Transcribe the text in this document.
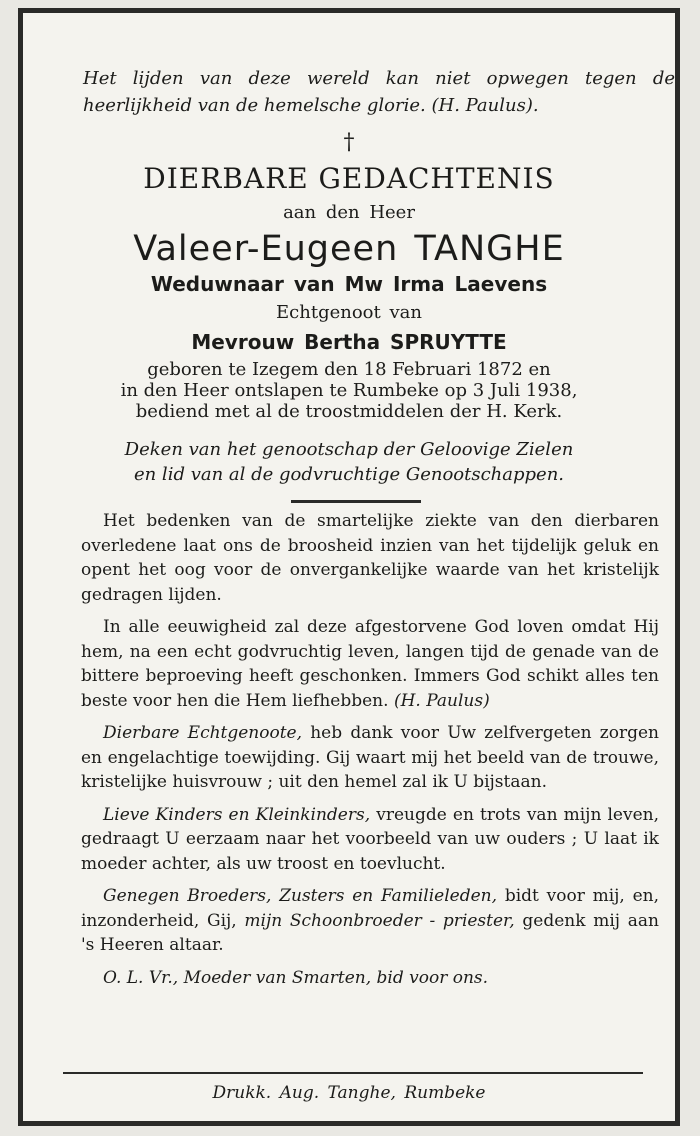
Het lijden van deze wereld kan niet opwegen tegen de heerlijkheid van de hemelsche glorie. (H. Paulus).
†
DIERBARE GEDACHTENIS
aan den Heer
Valeer-Eugeen TANGHE
Weduwnaar van Mw Irma Laevens
Echtgenoot van
Mevrouw Bertha SPRUYTTE
geboren te Izegem den 18 Februari 1872 en
in den Heer ontslapen te Rumbeke op 3 Juli 1938,
bediend met al de troostmiddelen der H. Kerk.
Deken van het genootschap der Geloovige Zielen
en lid van al de godvruchtige Genootschappen.

Het bedenken van de smartelijke ziekte van den dierbaren overledene laat ons de broosheid inzien van het tijdelijk geluk en opent het oog voor de onvergankelijke waarde van het kristelijk gedragen lijden.

In alle eeuwigheid zal deze afgestorvene God loven omdat Hij hem, na een echt godvruchtig leven, langen tijd de genade van de bittere beproeving heeft geschonken. Immers God schikt alles ten beste voor hen die Hem liefhebben. (H. Paulus)

Dierbare Echtgenoote, heb dank voor Uw zelfvergeten zorgen en engelachtige toewijding. Gij waart mij het beeld van de trouwe, kristelijke huisvrouw ; uit den hemel zal ik U bijstaan.

Lieve Kinders en Kleinkinders, vreugde en trots van mijn leven, gedraagt U eerzaam naar het voorbeeld van uw ouders ; U laat ik moeder achter, als uw troost en toevlucht.

Genegen Broeders, Zusters en Familieleden, bidt voor mij, en, inzonderheid, Gij, mijn Schoonbroeder - priester, gedenk mij aan 's Heeren altaar.

O. L. Vr., Moeder van Smarten, bid voor ons.

Drukk. Aug. Tanghe, Rumbeke
